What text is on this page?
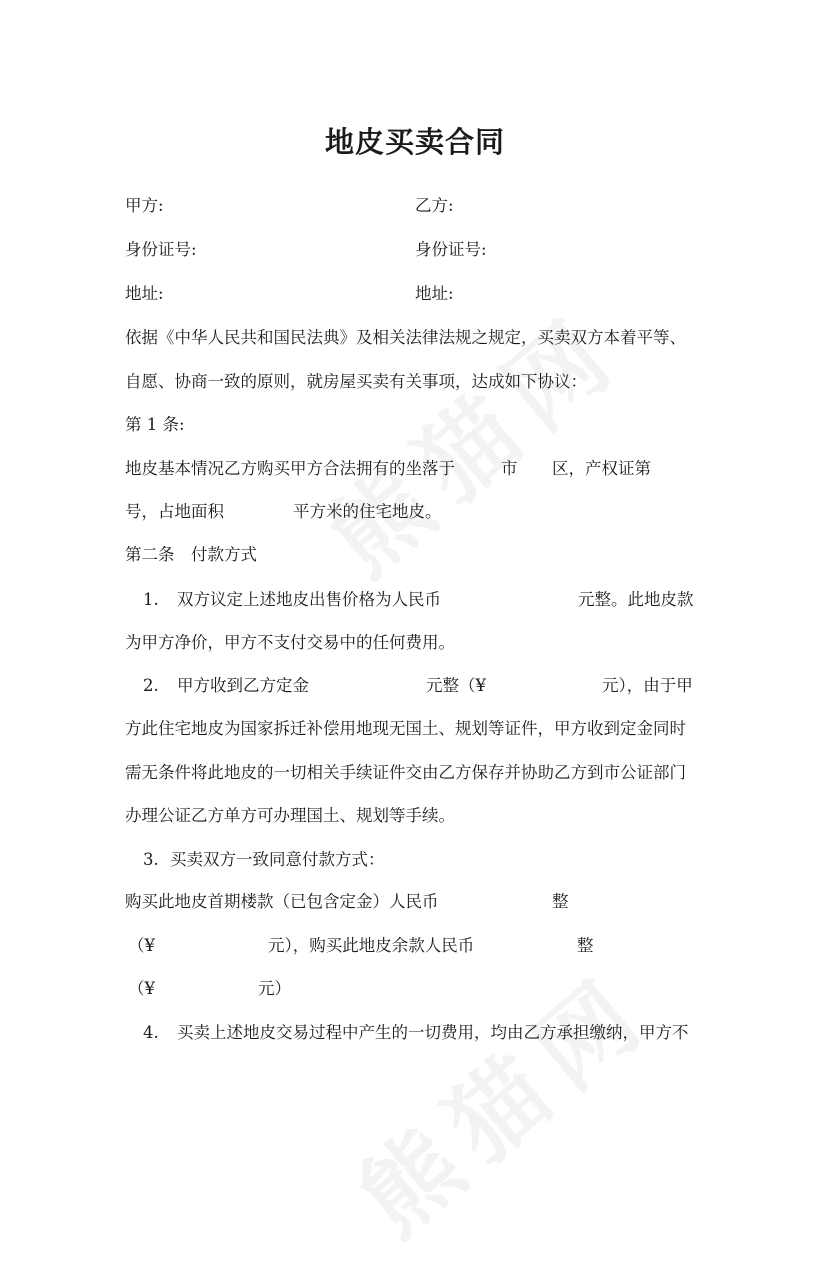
地皮买卖合同
甲方:	乙方:
身份证号:	身份证号:
地址:	地址:
依据《中华人民共和国民法典》及相关法律法规之规定，买卖双方本着平等、
自愿、协商一致的原则，就房屋买卖有关事项，达成如下协议：
第 1 条:
地皮基本情况乙方购买甲方合法拥有的坐落于	市 区，产权证第
号，占地面积	平方米的住宅地皮。
第二条　付款方式
1. 双方议定上述地皮出售价格为人民币	元整。此地皮款
为甲方净价，甲方不支付交易中的任何费用。
2. 甲方收到乙方定金	元整（¥	元），由于甲
方此住宅地皮为国家拆迁补偿用地现无国土、规划等证件，甲方收到定金同时
需无条件将此地皮的一切相关手续证件交由乙方保存并协助乙方到市公证部门
办理公证乙方单方可办理国土、规划等手续。
3. 买卖双方一致同意付款方式：
购买此地皮首期楼款（已包含定金）人民币	整
（¥	元），购买此地皮余款人民币	整
（¥	元）
4. 买卖上述地皮交易过程中产生的一切费用，均由乙方承担缴纳，甲方不
